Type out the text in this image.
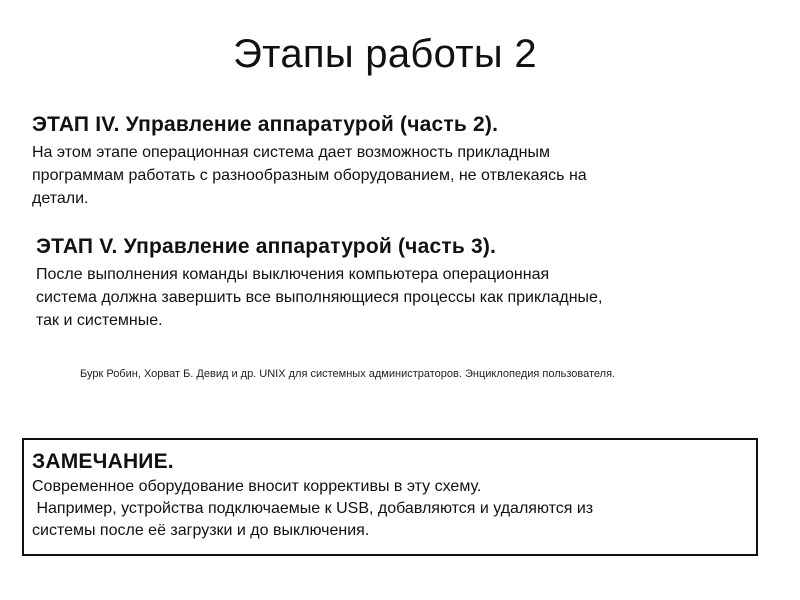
Этапы работы 2
ЭТАП IV. Управление аппаратурой (часть 2).
На этом этапе операционная система дает возможность прикладным
программам работать с разнообразным оборудованием, не отвлекаясь на
детали.
ЭТАП V. Управление аппаратурой (часть 3).
После выполнения команды выключения компьютера операционная
система должна завершить все выполняющиеся процессы как прикладные,
так и системные.
Бурк Робин, Хорват Б. Девид и др. UNIX для системных администраторов. Энциклопедия пользователя.
ЗАМЕЧАНИЕ.
Современное оборудование вносит коррективы в эту схему.
Например, устройства подключаемые к USB, добавляются и удаляются из
системы после её загрузки и до выключения.
